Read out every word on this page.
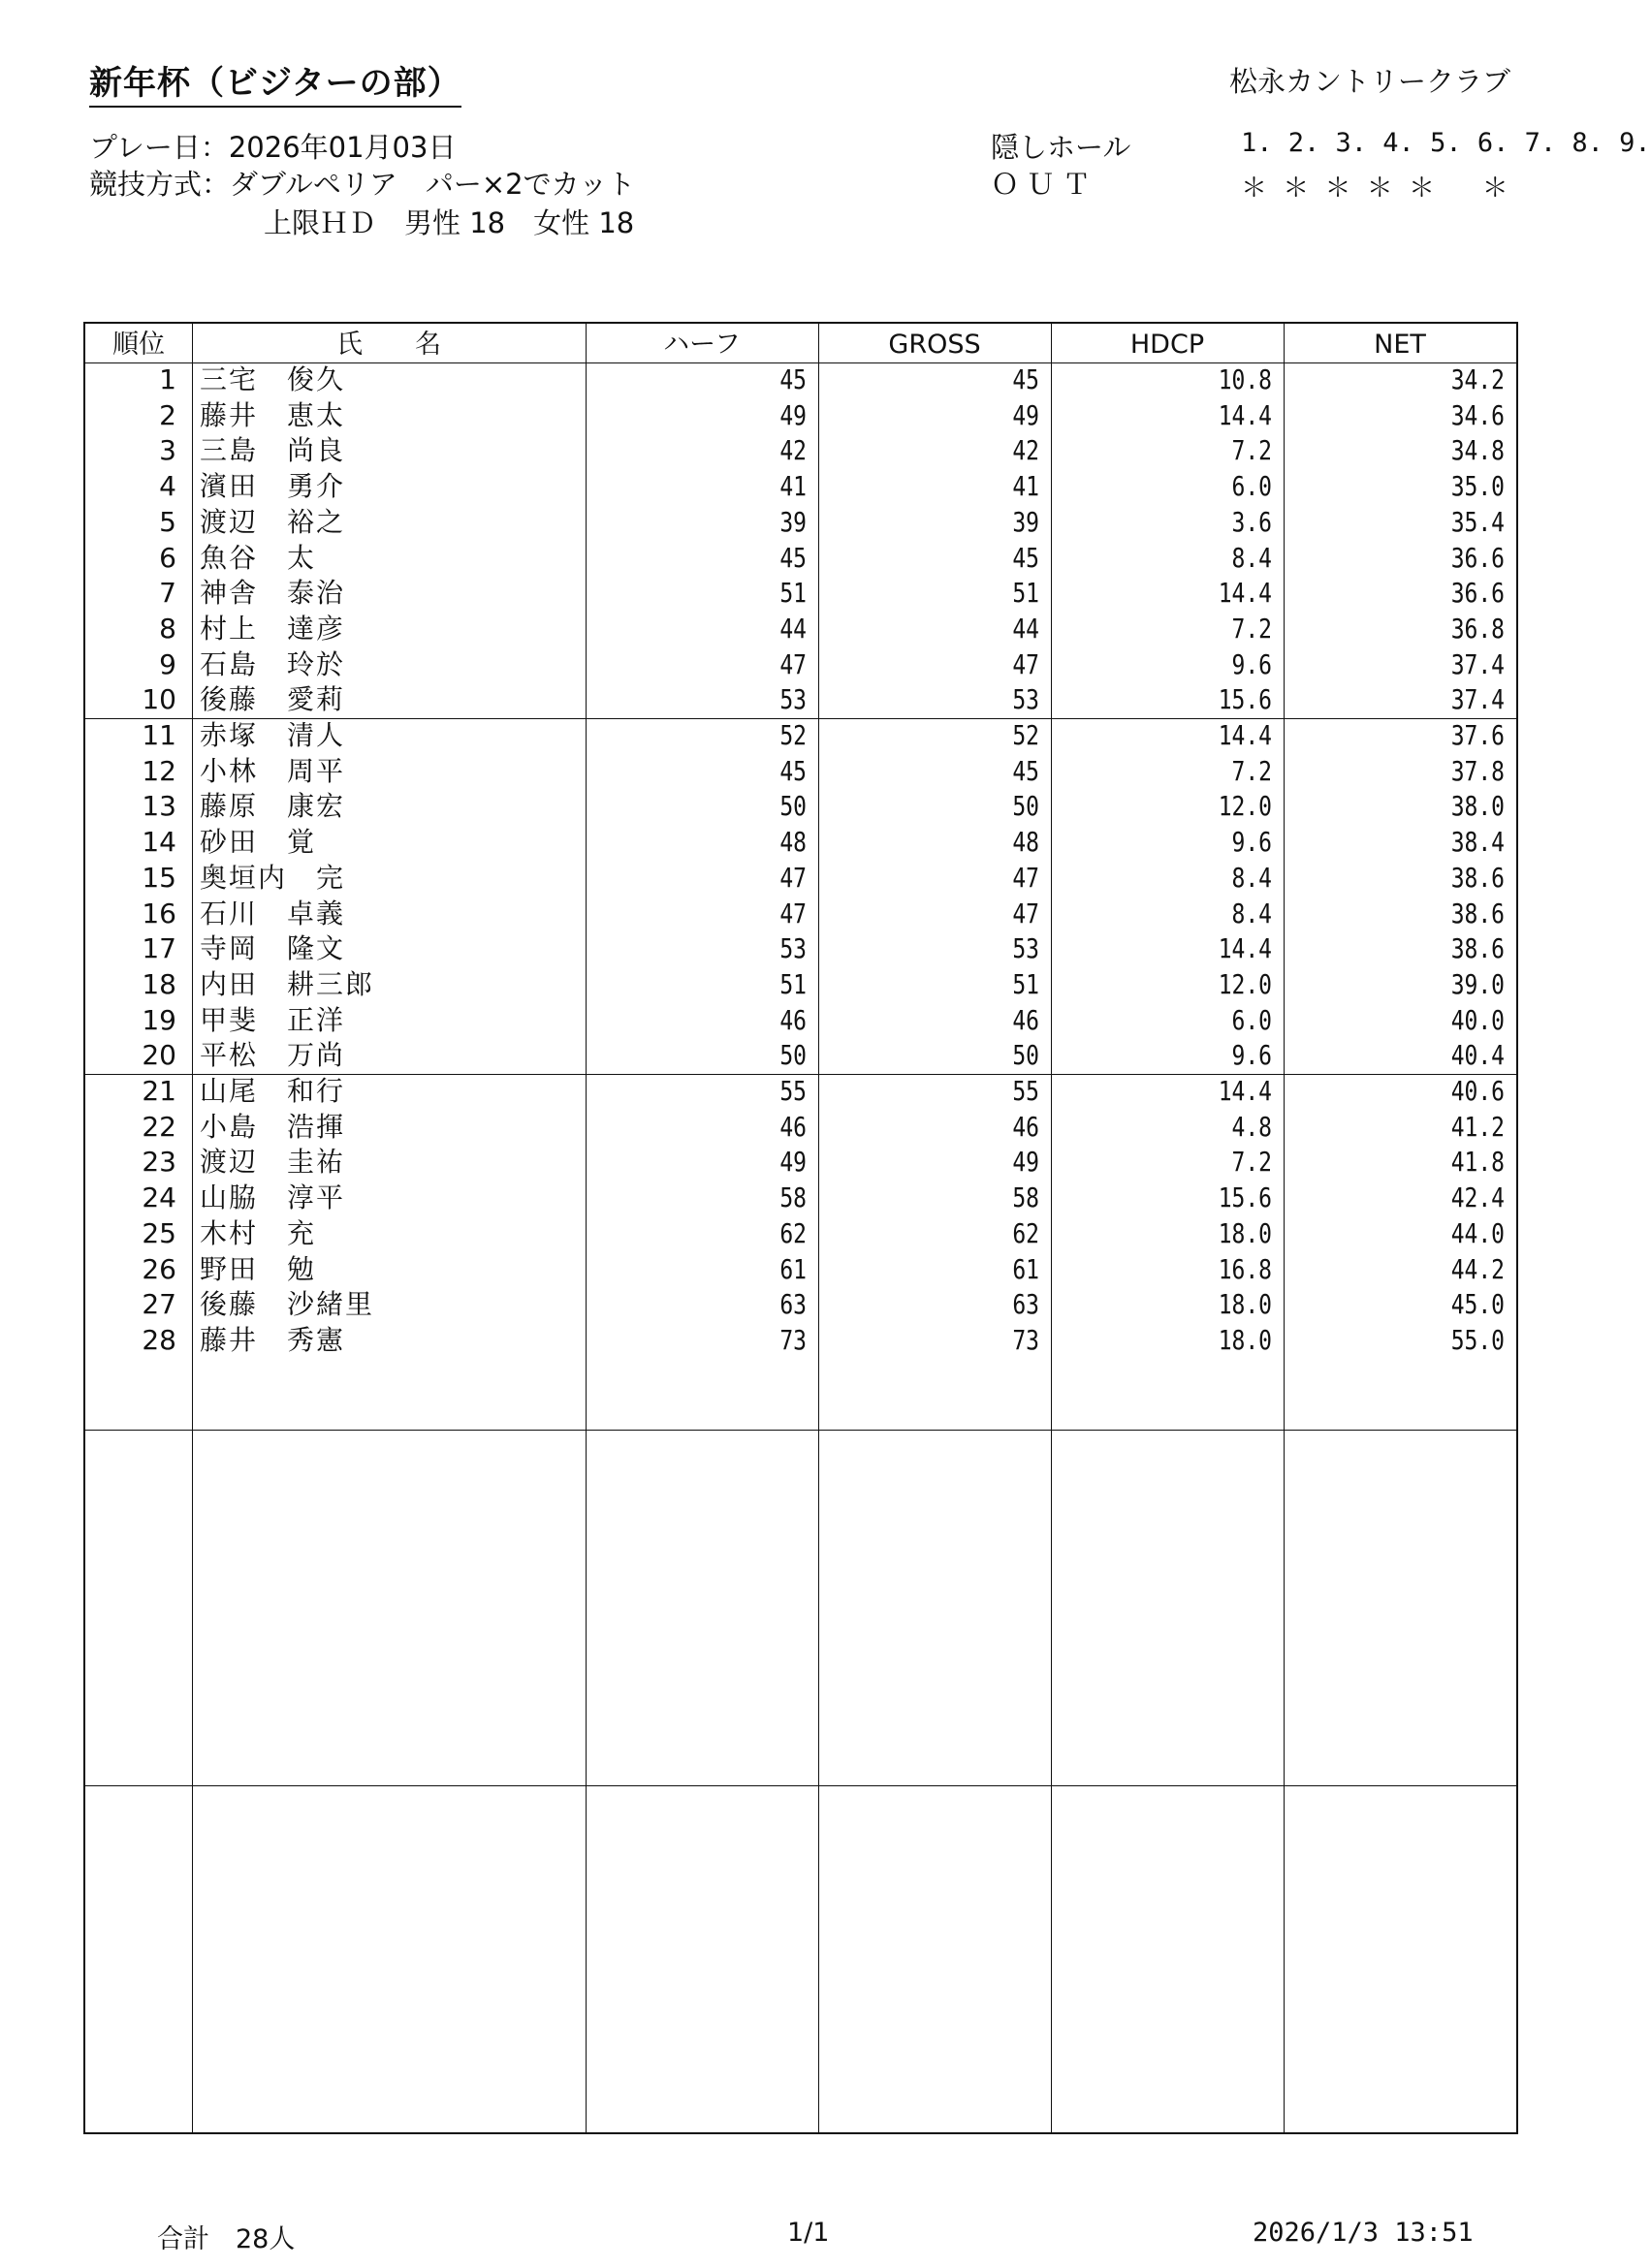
新年杯（ビジターの部）	松永カントリークラブ
プレー日：2026年01月03日
競技方式：ダブルペリア　パー×2でカット
上限ＨＤ　男性 18　女性 18
隠しホール	1. 2. 3. 4. 5. 6. 7. 8. 9.
ＯＵＴ	＊ ＊ ＊ ＊ ＊   ＊
順位	氏　　名	ハーフ	GROSS	HDCP	NET
1 三宅　俊久	45	45	10.8	34.2
2 藤井　恵太	49	49	14.4	34.6
3 三島　尚良	42	42	7.2	34.8
4 濱田　勇介	41	41	6.0	35.0
5 渡辺　裕之	39	39	3.6	35.4
6 魚谷　太	45	45	8.4	36.6
7 神舎　泰治	51	51	14.4	36.6
8 村上　達彦	44	44	7.2	36.8
9 石島　玲於	47	47	9.6	37.4
10 後藤　愛莉	53	53	15.6	37.4
11 赤塚　清人	52	52	14.4	37.6
12 小林　周平	45	45	7.2	37.8
13 藤原　康宏	50	50	12.0	38.0
14 砂田　覚	48	48	9.6	38.4
15 奥垣内　完	47	47	8.4	38.6
16 石川　卓義	47	47	8.4	38.6
17 寺岡　隆文	53	53	14.4	38.6
18 内田　耕三郎	51	51	12.0	39.0
19 甲斐　正洋	46	46	6.0	40.0
20 平松　万尚	50	50	9.6	40.4
21 山尾　和行	55	55	14.4	40.6
22 小島　浩揮	46	46	4.8	41.2
23 渡辺　圭祐	49	49	7.2	41.8
24 山脇　淳平	58	58	15.6	42.4
25 木村　充	62	62	18.0	44.0
26 野田　勉	61	61	16.8	44.2
27 後藤　沙緒里	63	63	18.0	45.0
28 藤井　秀憲	73	73	18.0	55.0
合計　28人	1/1	2026/1/3 13:51
